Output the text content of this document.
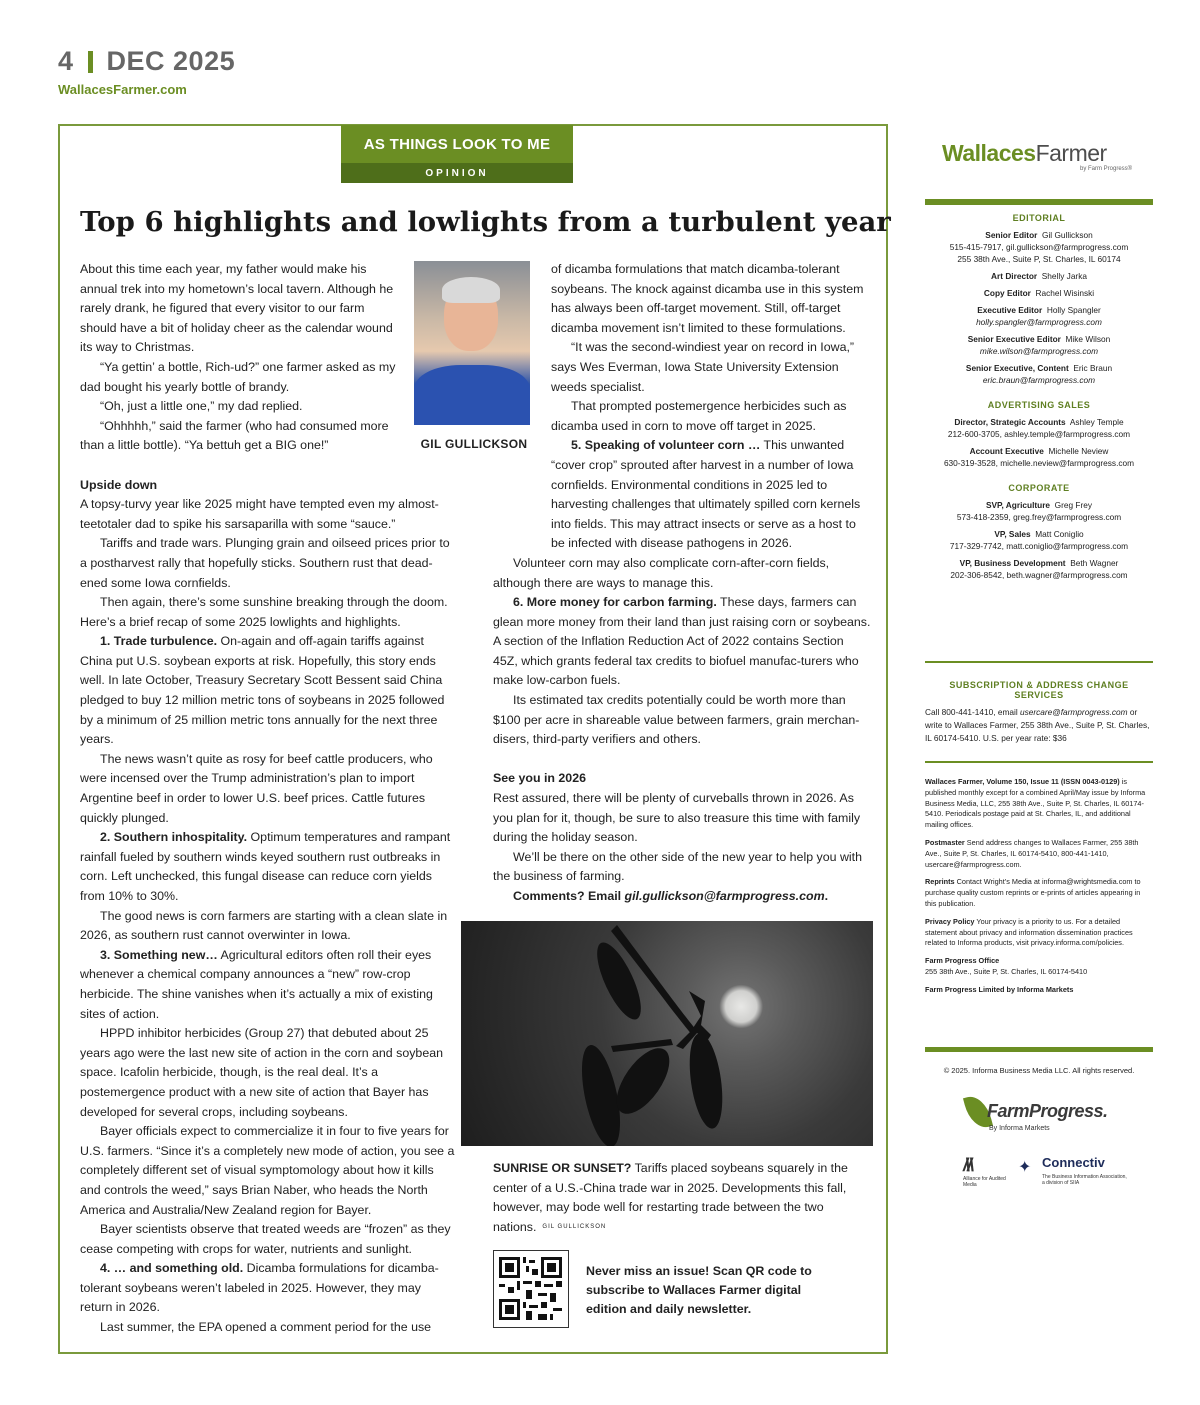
4 DEC 2025
WallacesFarmer.com
AS THINGS LOOK TO ME
OPINION
Top 6 highlights and lowlights from a turbulent year
GIL GULLICKSON

About this time each year, my father would make his annual trek into my hometown’s local tavern. Although he rarely drank, he figured that every visitor to our farm should have a bit of holiday cheer as the calendar wound its way to Christmas.

“Ya gettin’ a bottle, Rich-ud?” one farmer asked as my dad bought his yearly bottle of brandy.

“Oh, just a little one,” my dad replied.

“Ohhhhh,” said the farmer (who had consumed more than a little bottle). “Ya bettuh get a BIG one!”

Upside down

A topsy-turvy year like 2025 might have tempted even my almost-teetotaler dad to spike his sarsaparilla with some “sauce.”

Tariffs and trade wars. Plunging grain and oilseed prices prior to a postharvest rally that hopefully sticks. Southern rust that dead-ened some Iowa cornfields.

Then again, there’s some sunshine breaking through the doom. Here’s a brief recap of some 2025 lowlights and highlights.

1. Trade turbulence. On-again and off-again tariffs against China put U.S. soybean exports at risk. Hopefully, this story ends well. In late October, Treasury Secretary Scott Bessent said China pledged to buy 12 million metric tons of soybeans in 2025 followed by a minimum of 25 million metric tons annually for the next three years.

The news wasn’t quite as rosy for beef cattle producers, who were incensed over the Trump administration’s plan to import Argentine beef in order to lower U.S. beef prices. Cattle futures quickly plunged.

2. Southern inhospitality. Optimum temperatures and rampant rainfall fueled by southern winds keyed southern rust outbreaks in corn. Left unchecked, this fungal disease can reduce corn yields from 10% to 30%.

The good news is corn farmers are starting with a clean slate in 2026, as southern rust cannot overwinter in Iowa.

3. Something new… Agricultural editors often roll their eyes whenever a chemical company announces a “new” row-crop herbicide. The shine vanishes when it’s actually a mix of existing sites of action.

HPPD inhibitor herbicides (Group 27) that debuted about 25 years ago were the last new site of action in the corn and soybean space. Icafolin herbicide, though, is the real deal. It’s a postemergence product with a new site of action that Bayer has developed for several crops, including soybeans.

Bayer officials expect to commercialize it in four to five years for U.S. farmers. “Since it’s a completely new mode of action, you see a completely different set of visual symptomology about how it kills and controls the weed,” says Brian Naber, who heads the North America and Australia/New Zealand region for Bayer.

Bayer scientists observe that treated weeds are “frozen” as they cease competing with crops for water, nutrients and sunlight.

4. … and something old. Dicamba formulations for dicamba-tolerant soybeans weren’t labeled in 2025. However, they may return in 2026.

Last summer, the EPA opened a comment period for the use

of dicamba formulations that match dicamba-tolerant soybeans. The knock against dicamba use in this system has always been off-target movement. Still, off-target dicamba movement isn’t limited to these formulations.

“It was the second-windiest year on record in Iowa,” says Wes Everman, Iowa State University Extension weeds specialist.

That prompted postemergence herbicides such as dicamba used in corn to move off target in 2025.

5. Speaking of volunteer corn … This unwanted “cover crop” sprouted after harvest in a number of Iowa cornfields. Environmental conditions in 2025 led to harvesting challenges that ultimately spilled corn kernels into fields. This may attract insects or serve as a host to be infected with disease pathogens in 2026.

Volunteer corn may also complicate corn-after-corn fields, although there are ways to manage this.

6. More money for carbon farming. These days, farmers can glean more money from their land than just raising corn or soybeans. A section of the Inflation Reduction Act of 2022 contains Section 45Z, which grants federal tax credits to biofuel manufac-turers who make low-carbon fuels.

Its estimated tax credits potentially could be worth more than $100 per acre in shareable value between farmers, grain merchan-disers, third-party verifiers and others.

See you in 2026

Rest assured, there will be plenty of curveballs thrown in 2026. As you plan for it, though, be sure to also treasure this time with family during the holiday season.

We’ll be there on the other side of the new year to help you with the business of farming.

Comments? Email gil.gullickson@farmprogress.com.

SUNRISE OR SUNSET? Tariffs placed soybeans squarely in the center of a U.S.-China trade war in 2025. Developments this fall, however, may bode well for restarting trade between the two nations. GIL GULLICKSON
Never miss an issue! Scan QR code to subscribe to Wallaces Farmer digital edition and daily newsletter.
WallacesFarmer
by Farm Progress®
EDITORIAL
Senior Editor Gil Gullickson
515-415-7917, gil.gullickson@farmprogress.com
255 38th Ave., Suite P, St. Charles, IL 60174
Art Director Shelly Jarka
Copy Editor Rachel Wisinski
Executive Editor Holly Spangler
holly.spangler@farmprogress.com
Senior Executive Editor Mike Wilson
mike.wilson@farmprogress.com
Senior Executive, Content Eric Braun
eric.braun@farmprogress.com
ADVERTISING SALES
Director, Strategic Accounts Ashley Temple
212-600-3705, ashley.temple@farmprogress.com
Account Executive Michelle Neview
630-319-3528, michelle.neview@farmprogress.com
CORPORATE
SVP, Agriculture Greg Frey
573-418-2359, greg.frey@farmprogress.com
VP, Sales Matt Coniglio
717-329-7742, matt.coniglio@farmprogress.com
VP, Business Development Beth Wagner
202-306-8542, beth.wagner@farmprogress.com
SUBSCRIPTION & ADDRESS CHANGE SERVICES
Call 800-441-1410, email usercare@farmprogress.com or write to Wallaces Farmer, 255 38th Ave., Suite P, St. Charles, IL 60174-5410. U.S. per year rate: $36

Wallaces Farmer, Volume 150, Issue 11 (ISSN 0043-0129) is published monthly except for a combined April/May issue by Informa Business Media, LLC, 255 38th Ave., Suite P, St. Charles, IL 60174-5410. Periodicals postage paid at St. Charles, IL, and additional mailing offices.

Postmaster Send address changes to Wallaces Farmer, 255 38th Ave., Suite P, St. Charles, IL 60174-5410, 800-441-1410, usercare@farmprogress.com.

Reprints Contact Wright’s Media at informa@wrightsmedia.com to purchase quality custom reprints or e-prints of articles appearing in this publication.

Privacy Policy Your privacy is a priority to us. For a detailed statement about privacy and information dissemination practices related to Informa products, visit privacy.informa.com/policies.

Farm Progress Office
255 38th Ave., Suite P, St. Charles, IL 60174-5410

Farm Progress Limited by Informa Markets

© 2025. Informa Business Media LLC. All rights reserved.
FarmProgress.
By Informa Markets
/\/\
Alliance for Audited Media
✦ Connectiv
The Business Information Association, a division of SIIA
